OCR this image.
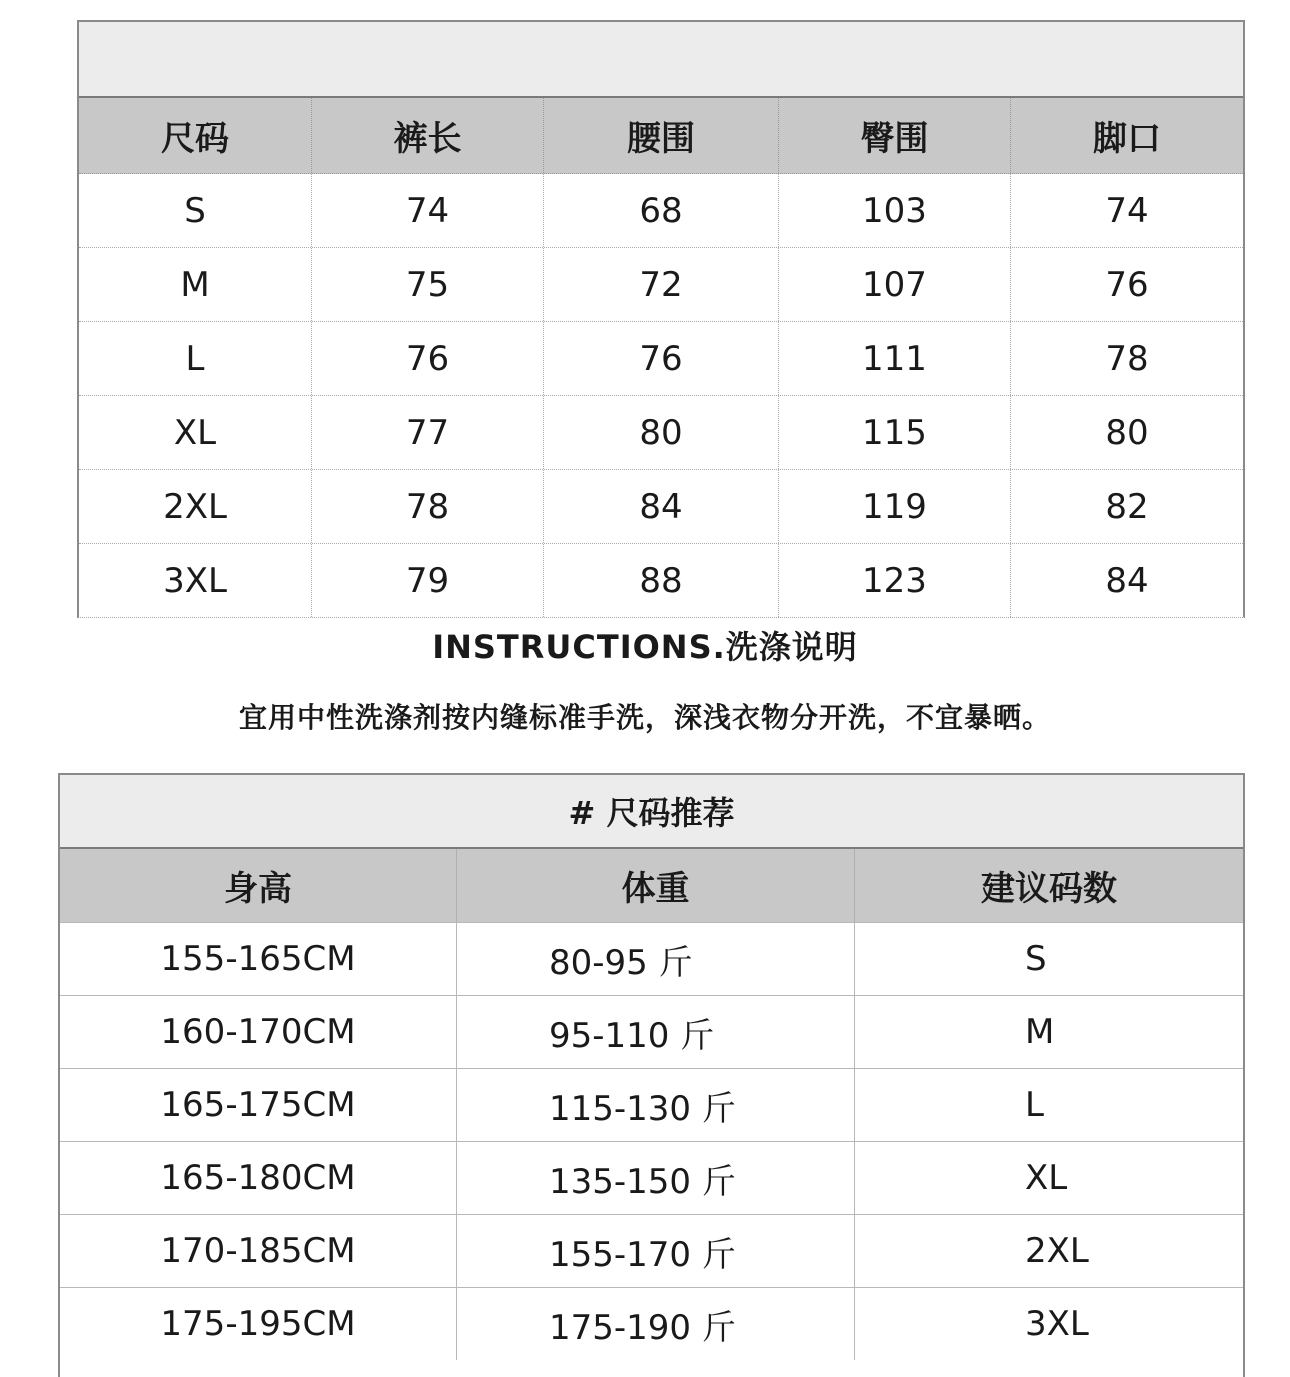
尺码	裤长	腰围	臀围	脚口
S	74	68	103	74
M	75	72	107	76
L	76	76	111	78
XL	77	80	115	80
2XL	78	84	119	82
3XL	79	88	123	84
INSTRUCTIONS.洗涤说明
宜用中性洗涤剂按内缝标准手洗，深浅衣物分开洗，不宜暴晒。
# 尺码推荐
身高	体重	建议码数
155-165CM	80-95 斤	S
160-170CM	95-110 斤	M
165-175CM	115-130 斤	L
165-180CM	135-150 斤	XL
170-185CM	155-170 斤	2XL
175-195CM	175-190 斤	3XL
